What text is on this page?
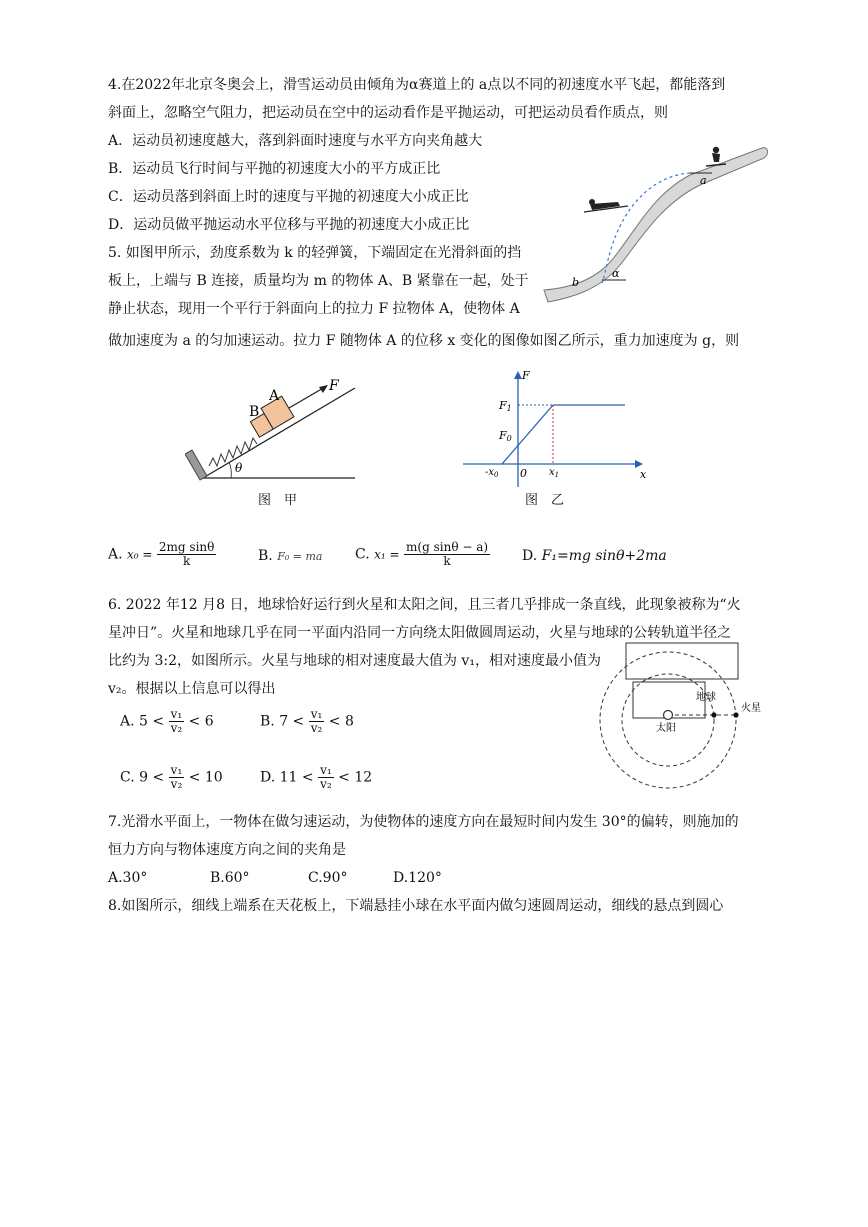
4.在2022年北京冬奥会上，滑雪运动员由倾角为α赛道上的 a点以不同的初速度水平飞起，都能落到
斜面上，忽略空气阻力，把运动员在空中的运动看作是平抛运动，可把运动员看作质点，则
A．运动员初速度越大，落到斜面时速度与水平方向夹角越大
B．运动员飞行时间与平抛的初速度大小的平方成正比
C．运动员落到斜面上时的速度与平抛的初速度大小成正比
D．运动员做平抛运动水平位移与平抛的初速度大小成正比
a
b
α
5. 如图甲所示，劲度系数为 k 的轻弹簧，下端固定在光滑斜面的挡
板上，上端与 B 连接，质量均为 m 的物体 A、B 紧靠在一起，处于
静止状态，现用一个平行于斜面向上的拉力 F 拉物体 A，使物体 A
做加速度为 a 的匀加速运动。拉力 F 随物体 A 的位移 x 变化的图像如图乙所示，重力加速度为 g，则
B
A
F
θ
图　甲
F
F1
F0
$-x_0$ 0 $x_1$	x
图　乙
A. $x_0 = \frac{\text{2mg sinθ}}{k}$	B. F₀ = ma C. $x_1 = \frac{\text{m(g sinθ − a)}}{k} D$. F₁=mg sinθ+2ma
6. 2022 年12 月8 日，地球恰好运行到火星和太阳之间，且三者几乎排成一条直线，此现象被称为“火
星冲日”。火星和地球几乎在同一平面内沿同一方向绕太阳做圆周运动，火星与地球的公转轨道半径之
比约为 3:2，如图所示。火星与地球的相对速度最大值为 v₁，相对速度最小值为
v₂。根据以上信息可以得出
A. $5 < \frac{\text{v₁}}{\text{v₂}} < 6$	B. $7 < \frac{\text{v₁}}{\text{v₂}} < 8$
C. $9 < \frac{\text{v₁}}{\text{v₂}} < 10$	D. $11 < \frac{\text{v₁}}{\text{v₂}} < 12$
地球
火星
太阳
7.光滑水平面上，一物体在做匀速运动，为使物体的速度方向在最短时间内发生 30°的偏转，则施加的
恒力方向与物体速度方向之间的夹角是
A.30°	B.60°	C.90°	D.120°
8.如图所示，细线上端系在天花板上，下端悬挂小球在水平面内做匀速圆周运动，细线的悬点到圆心
